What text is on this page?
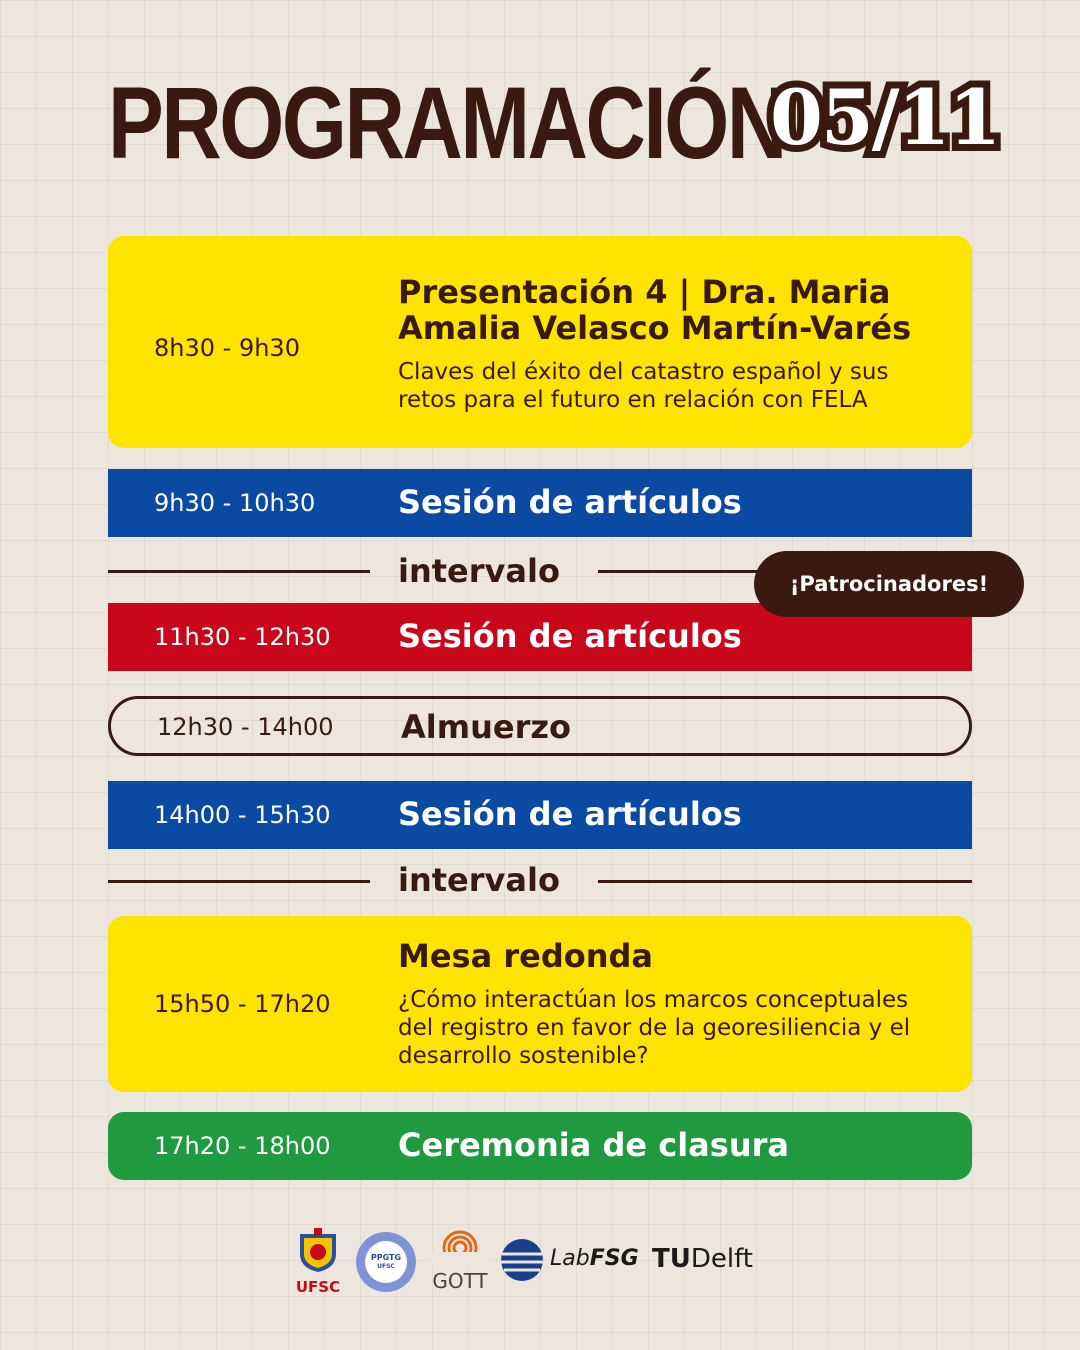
PROGRAMACIÓN
05/11
8h30 - 9h30
Presentación 4 | Dra. Maria
Amalia Velasco Martín-Varés
Claves del éxito del catastro español y sus
retos para el futuro en relación con FELA
9h30 - 10h30	Sesión de artículos
intervalo
11h30 - 12h30 Sesión de artículos
¡Patrocinadores!
12h30 - 14h00 Almuerzo
14h00 - 15h30 Sesión de artículos
intervalo
15h50 - 17h20
Mesa redonda
¿Cómo interactúan los marcos conceptuales
del registro en favor de la georesiliencia y el
desarrollo sostenible?
17h20 - 18h00 Ceremonia de clasura
UFSC
PPGTG
UFSC
GOTT
LabFSG TUDelft
